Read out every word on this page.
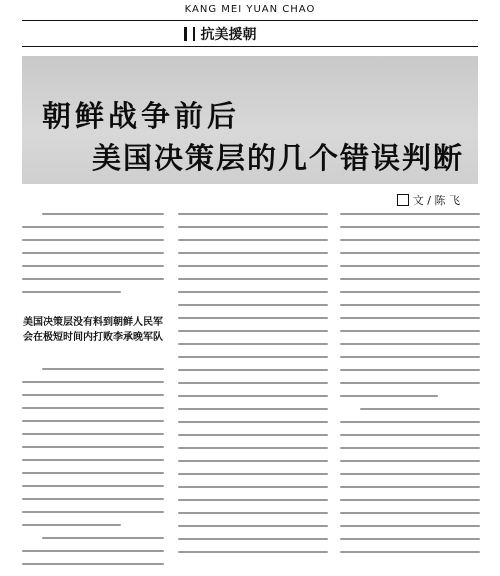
KANG MEI YUAN CHAO
抗美援朝
朝鲜战争前后
美国决策层的几个错误判断
文 / 陈 飞
美国决策层没有料到朝鲜人民军会在极短时间内打败李承晚军队
